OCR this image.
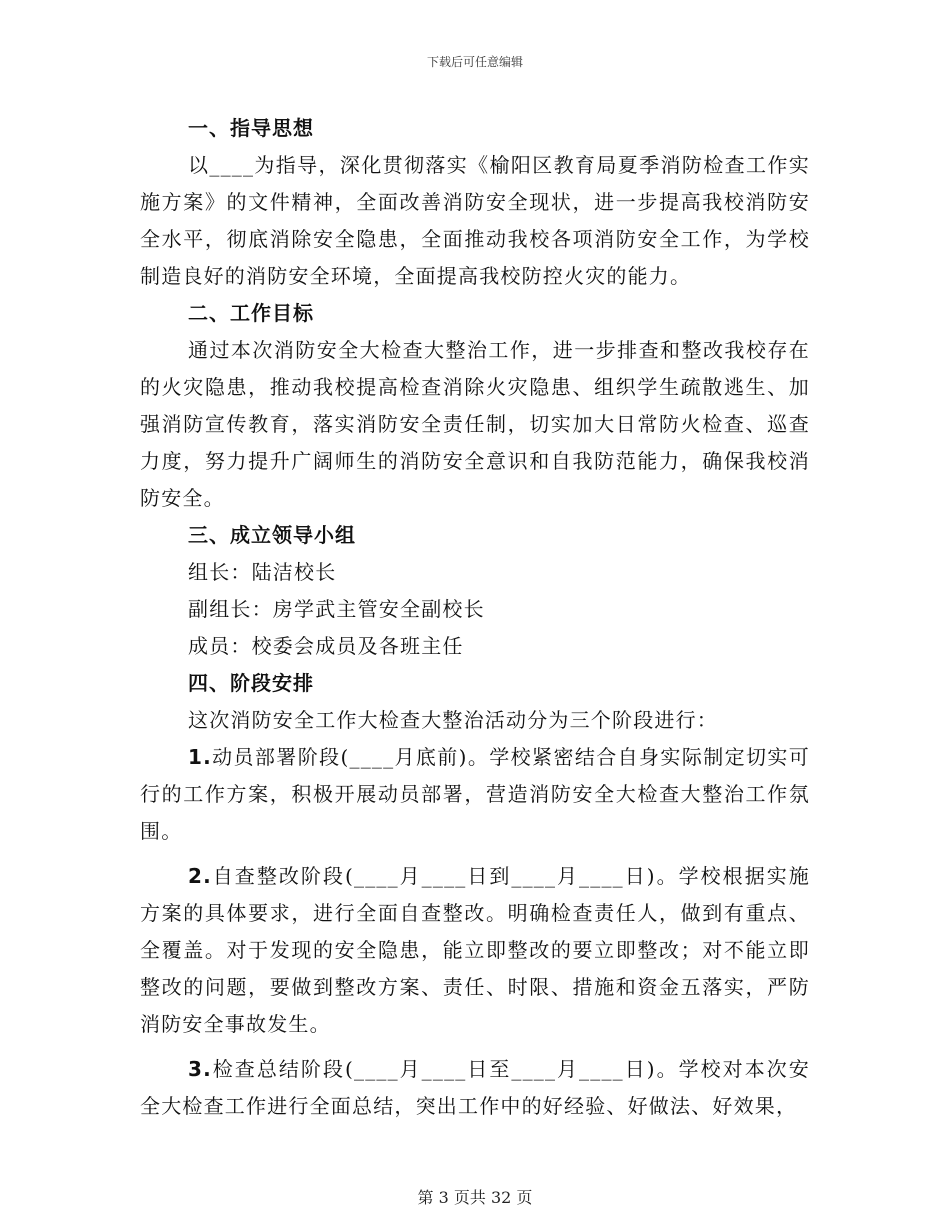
下载后可任意编辑

一、指导思想

以____为指导，深化贯彻落实《榆阳区教育局夏季消防检查工作实施方案》的文件精神，全面改善消防安全现状，进一步提高我校消防安全水平，彻底消除安全隐患，全面推动我校各项消防安全工作，为学校制造良好的消防安全环境，全面提高我校防控火灾的能力。

二、工作目标

通过本次消防安全大检查大整治工作，进一步排查和整改我校存在的火灾隐患，推动我校提高检查消除火灾隐患、组织学生疏散逃生、加强消防宣传教育，落实消防安全责任制，切实加大日常防火检查、巡查力度，努力提升广阔师生的消防安全意识和自我防范能力，确保我校消防安全。

三、成立领导小组

组长：陆洁校长

副组长：房学武主管安全副校长

成员：校委会成员及各班主任

四、阶段安排

这次消防安全工作大检查大整治活动分为三个阶段进行：

1.动员部署阶段(____月底前)。学校紧密结合自身实际制定切实可行的工作方案，积极开展动员部署，营造消防安全大检查大整治工作氛围。

2.自查整改阶段(____月____日到____月____日)。学校根据实施方案的具体要求，进行全面自查整改。明确检查责任人，做到有重点、全覆盖。对于发现的安全隐患，能立即整改的要立即整改；对不能立即整改的问题，要做到整改方案、责任、时限、措施和资金五落实，严防消防安全事故发生。

3.检查总结阶段(____月____日至____月____日)。学校对本次安全大检查工作进行全面总结，突出工作中的好经验、好做法、好效果，

第 3 页共 32 页
